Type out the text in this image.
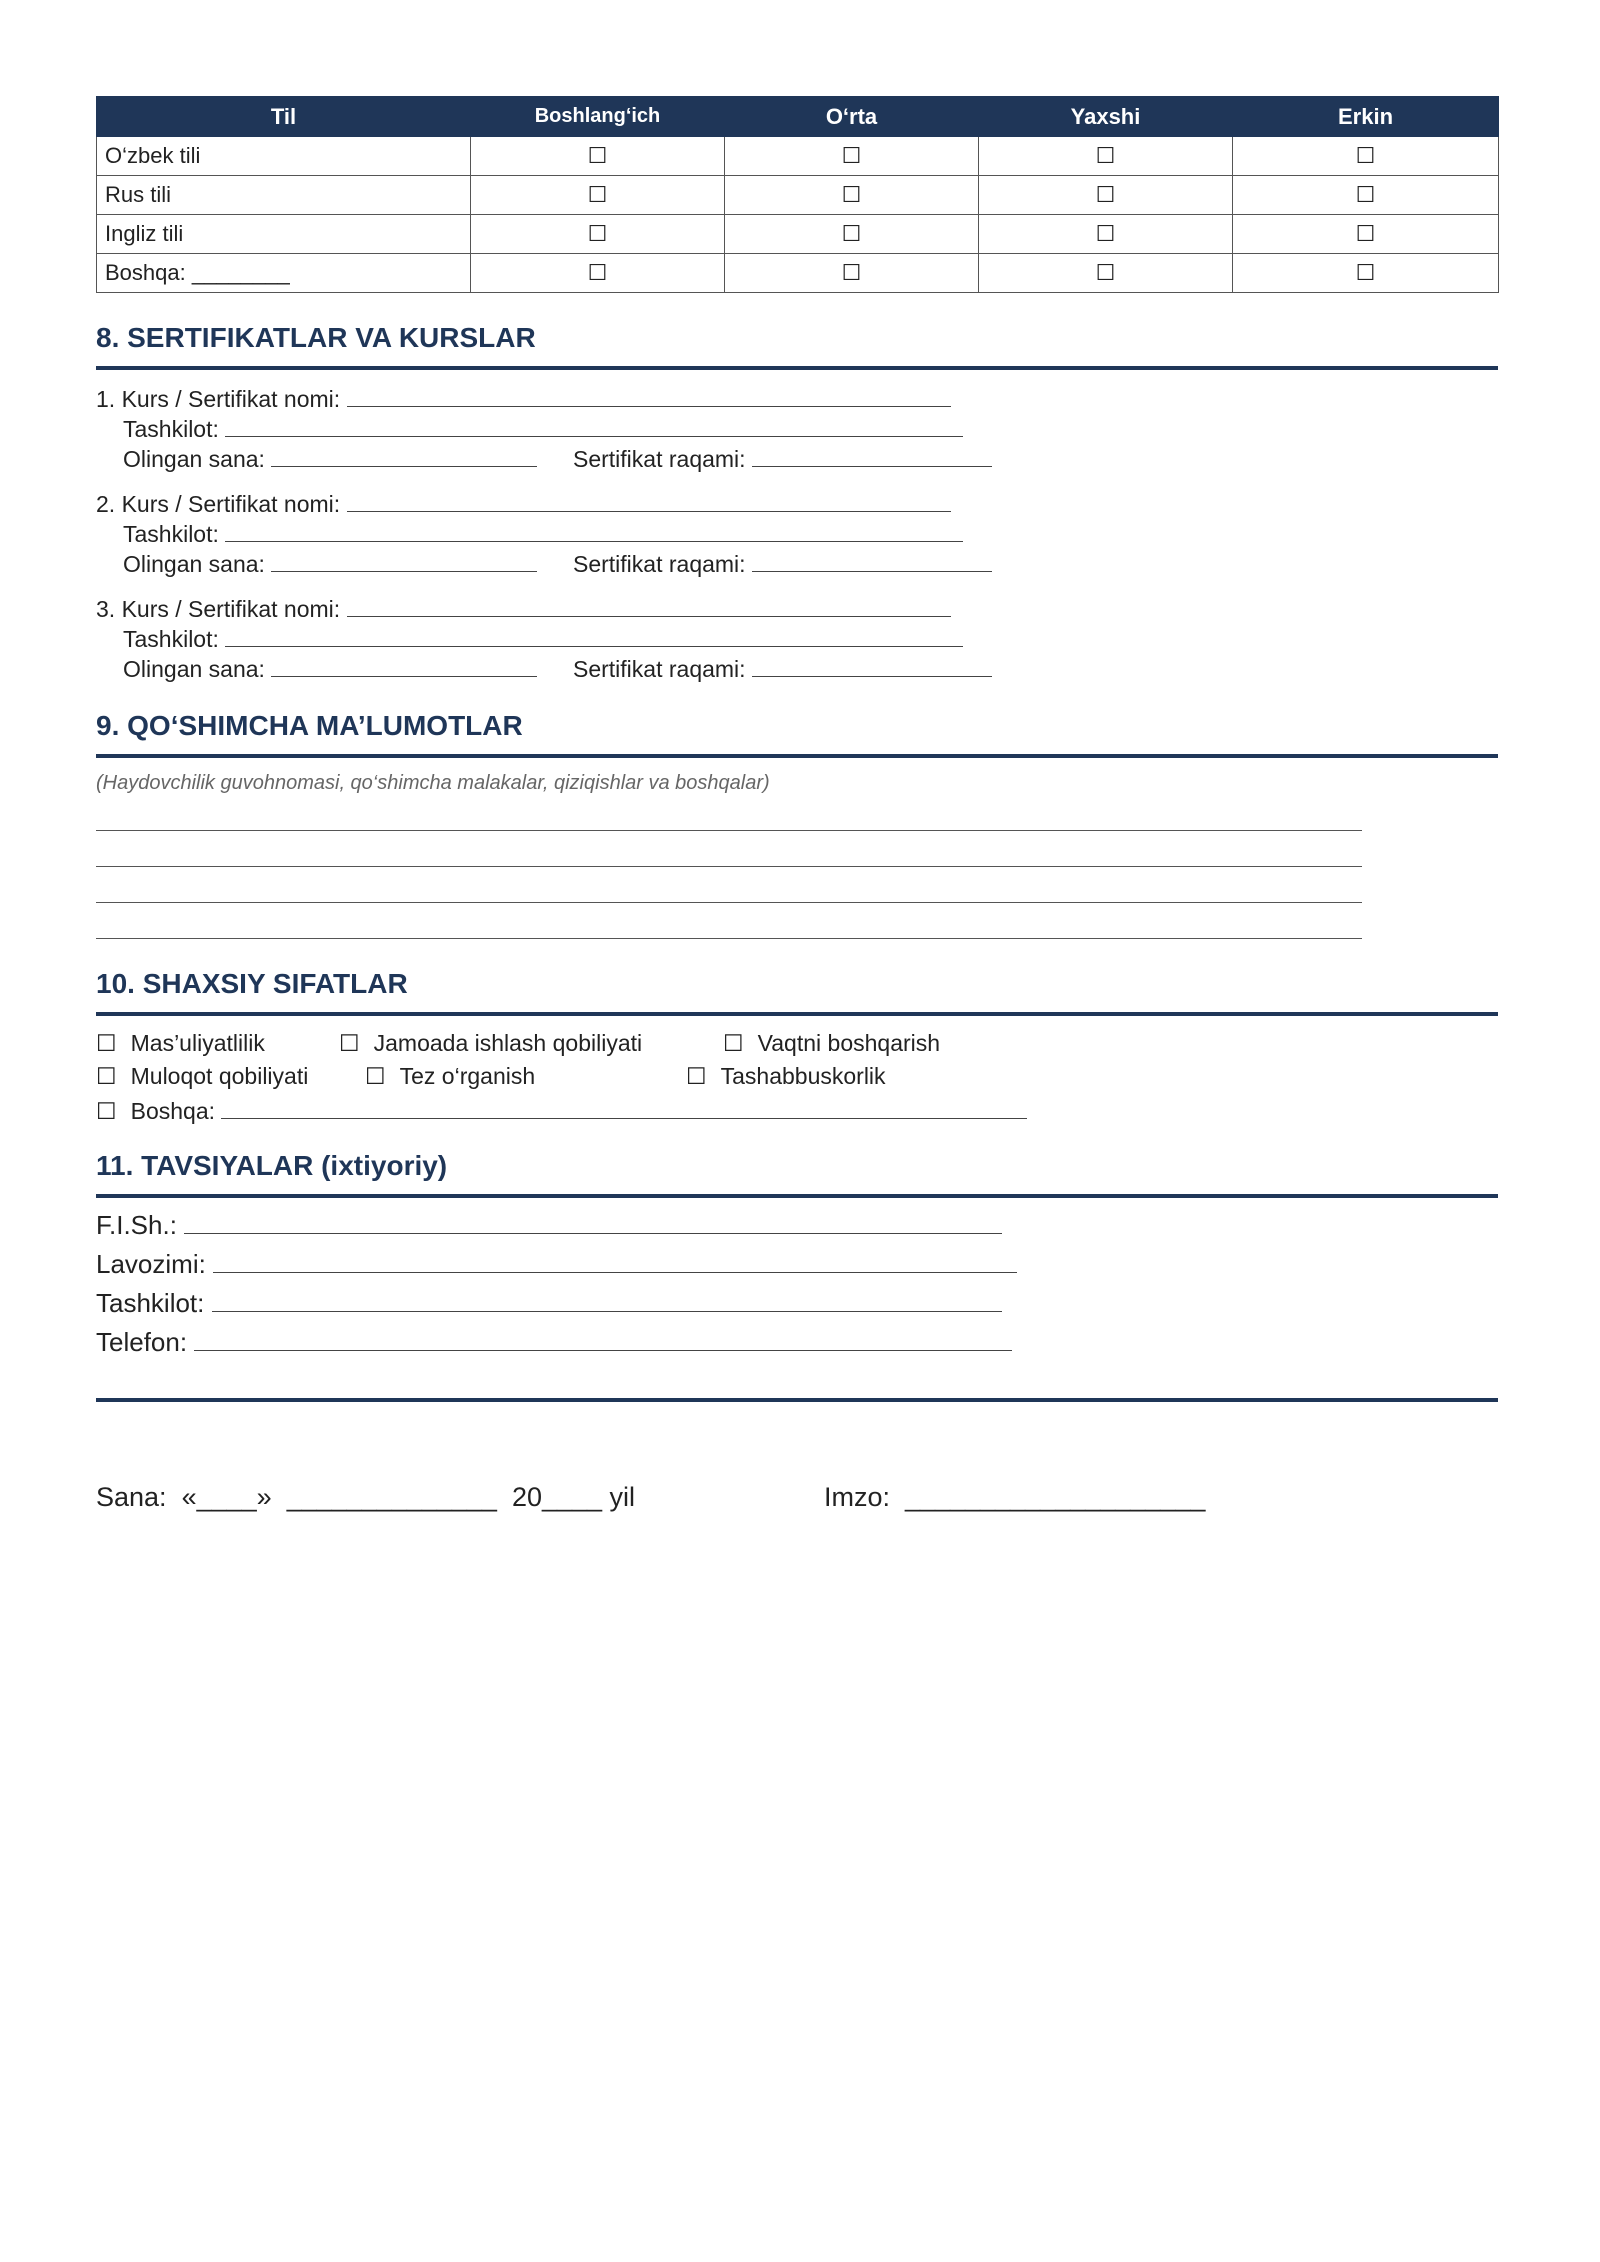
Til	Boshlang‘ich	O‘rta	Yaxshi	Erkin
O‘zbek tili	☐	☐	☐	☐
Rus tili	☐	☐	☐	☐
Ingliz tili	☐	☐	☐	☐
Boshqa: ________	☐	☐	☐	☐
8. SERTIFIKATLAR VA KURSLAR
1. Kurs / Sertifikat nomi:
Tashkilot:
Olingan sana:	Sertifikat raqami:
2. Kurs / Sertifikat nomi:
Tashkilot:
Olingan sana:	Sertifikat raqami:
3. Kurs / Sertifikat nomi:
Tashkilot:
Olingan sana:	Sertifikat raqami:
9. QO‘SHIMCHA MA’LUMOTLAR
(Haydovchilik guvohnomasi, qo‘shimcha malakalar, qiziqishlar va boshqalar)
10. SHAXSIY SIFATLAR
☐ Mas’uliyatlilik	☐ Jamoada ishlash qobiliyati	☐ Vaqtni boshqarish
☐ Muloqot qobiliyati ☐ Tez o‘rganish	☐ Tashabbuskorlik
☐ Boshqa:
11. TAVSIYALAR (ixtiyoriy)
F.I.Sh.:
Lavozimi:
Tashkilot:
Telefon:
Sana: «____» ______________ 20____ yil	Imzo: ____________________
